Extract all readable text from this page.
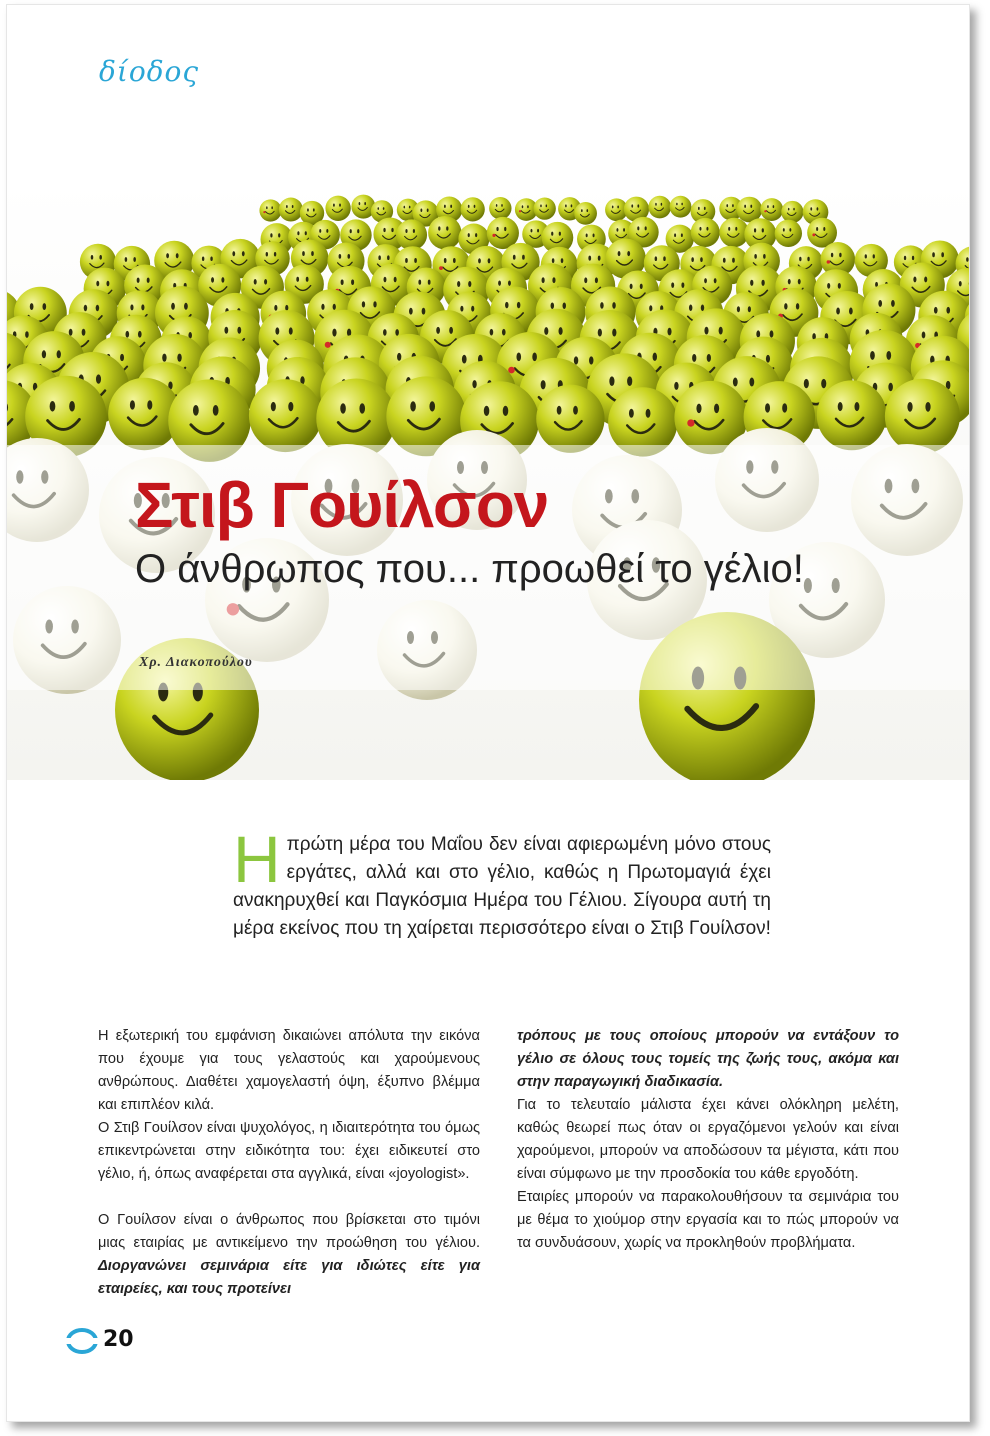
δίοδος
Στιβ Γουίλσον
Ο άνθρωπος που... προωθεί το γέλιο!
Χρ. Διακοπούλου
Η πρώτη μέρα του Μαΐου δεν είναι αφιερωμένη μόνο στους εργάτες, αλλά και στο γέλιο, καθώς η Πρωτομαγιά έχει ανακηρυχθεί και Παγκόσμια Ημέρα του Γέλιου. Σίγουρα αυτή τη μέρα εκείνος που τη χαίρεται περισσότερο είναι ο Στιβ Γουίλσον!

Η εξωτερική του εμφάνιση δικαιώνει απόλυτα την εικόνα που έχουμε για τους γελαστούς και χαρούμενους ανθρώπους. Διαθέτει χαμογελαστή όψη, έξυπνο βλέμμα και επιπλέον κιλά.

Ο Στιβ Γουίλσον είναι ψυχολόγος, η ιδιαιτερότητα του όμως επικεντρώνεται στην ειδικότητα του: έχει ειδικευτεί στο γέλιο, ή, όπως αναφέρεται στα αγγλικά, είναι «joyologist».

Ο Γουίλσον είναι ο άνθρωπος που βρίσκεται στο τιμόνι μιας εταιρίας με αντικείμενο την προώθηση του γέλιου. Διοργανώνει σεμινάρια είτε για ιδιώτες είτε για εταιρείες, και τους προτείνει

τρόπους με τους οποίους μπορούν να εντάξουν το γέλιο σε όλους τους τομείς της ζωής τους, ακόμα και στην παραγωγική διαδικασία.

Για το τελευταίο μάλιστα έχει κάνει ολόκληρη μελέτη, καθώς θεωρεί πως όταν οι εργαζόμενοι γελούν και είναι χαρούμενοι, μπορούν να αποδώσουν τα μέγιστα, κάτι που είναι σύμφωνο με την προσδοκία του κάθε εργοδότη.

Εταιρίες μπορούν να παρακολουθήσουν τα σεμινάρια του με θέμα το χιούμορ στην εργασία και το πώς μπορούν να τα συνδυάσουν, χωρίς να προκληθούν προβλήματα.

20
